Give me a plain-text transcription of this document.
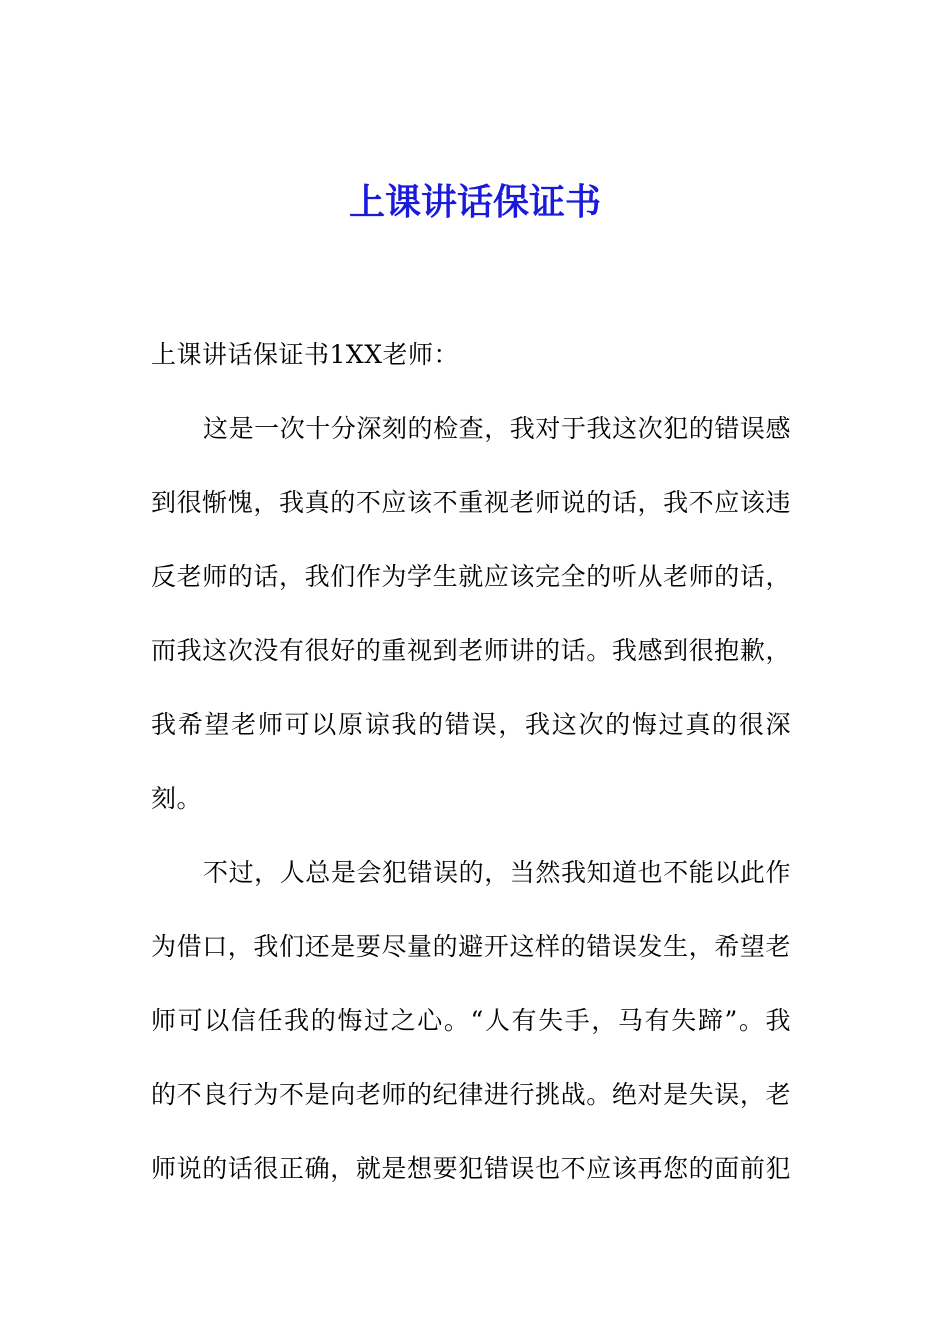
上课讲话保证书
上课讲话保证书1XX老师：
这是一次十分深刻的检查，我对于我这次犯的错误感
到很惭愧，我真的不应该不重视老师说的话，我不应该违
反老师的话，我们作为学生就应该完全的听从老师的话，
而我这次没有很好的重视到老师讲的话。我感到很抱歉，
我希望老师可以原谅我的错误，我这次的悔过真的很深
刻。
不过，人总是会犯错误的，当然我知道也不能以此作
为借口，我们还是要尽量的避开这样的错误发生，希望老
师可以信任我的悔过之心。“人有失手，马有失蹄”。我
的不良行为不是向老师的纪律进行挑战。绝对是失误，老
师说的话很正确，就是想要犯错误也不应该再您的面前犯
